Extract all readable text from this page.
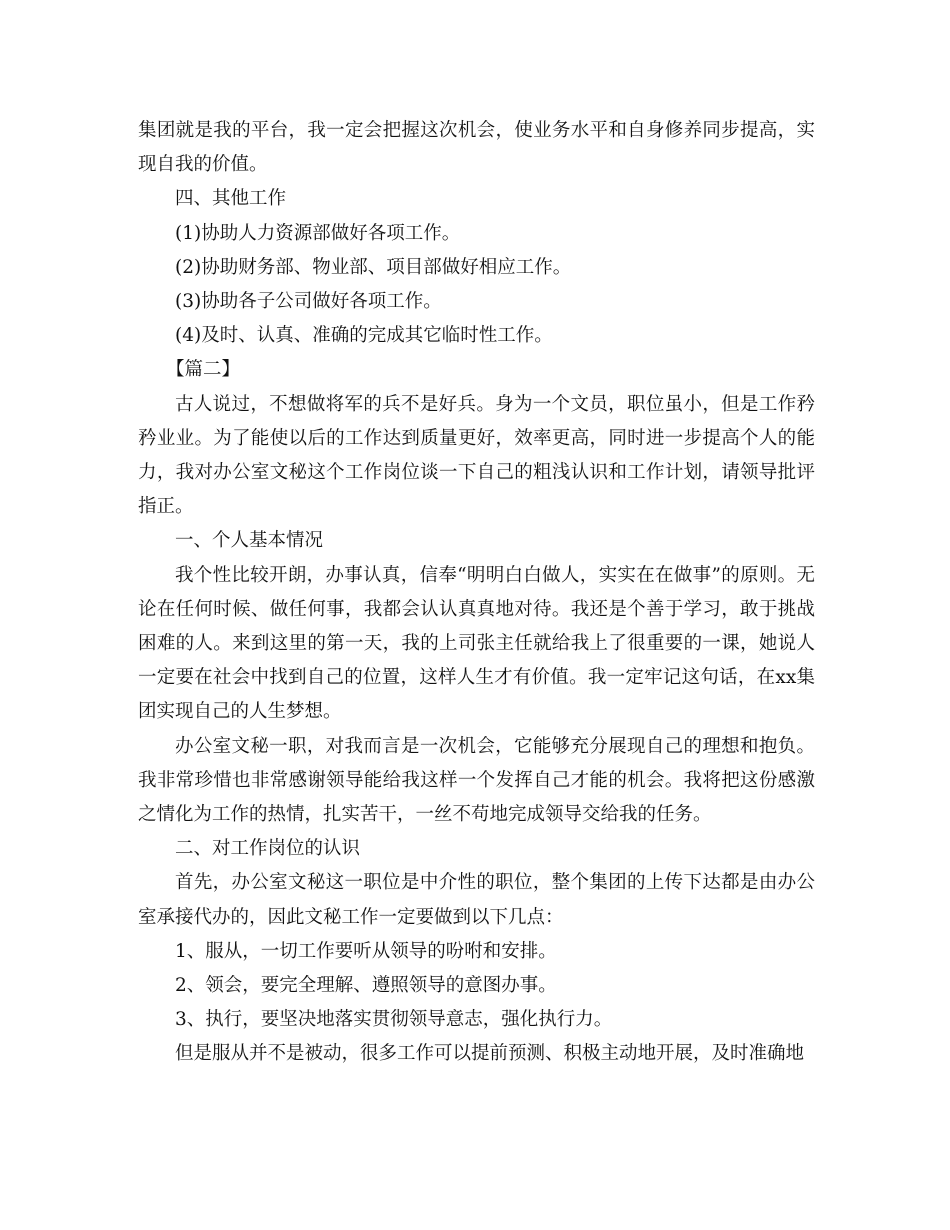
集团就是我的平台，我一定会把握这次机会，使业务水平和自身修养同步提高，实现自我的价值。

四、其他工作

(1)协助人力资源部做好各项工作。

(2)协助财务部、物业部、项目部做好相应工作。

(3)协助各子公司做好各项工作。

(4)及时、认真、准确的完成其它临时性工作。

【篇二】

古人说过，不想做将军的兵不是好兵。身为一个文员，职位虽小，但是工作矜矜业业。为了能使以后的工作达到质量更好，效率更高，同时进一步提高个人的能力，我对办公室文秘这个工作岗位谈一下自己的粗浅认识和工作计划，请领导批评指正。

一、个人基本情况

我个性比较开朗，办事认真，信奉“明明白白做人，实实在在做事”的原则。无论在任何时候、做任何事，我都会认认真真地对待。我还是个善于学习，敢于挑战困难的人。来到这里的第一天，我的上司张主任就给我上了很重要的一课，她说人一定要在社会中找到自己的位置，这样人生才有价值。我一定牢记这句话，在xx集团实现自己的人生梦想。

办公室文秘一职，对我而言是一次机会，它能够充分展现自己的理想和抱负。我非常珍惜也非常感谢领导能给我这样一个发挥自己才能的机会。我将把这份感激之情化为工作的热情，扎实苦干，一丝不苟地完成领导交给我的任务。

二、对工作岗位的认识

首先，办公室文秘这一职位是中介性的职位，整个集团的上传下达都是由办公室承接代办的，因此文秘工作一定要做到以下几点：

1、服从，一切工作要听从领导的吩咐和安排。

2、领会，要完全理解、遵照领导的意图办事。

3、执行，要坚决地落实贯彻领导意志，强化执行力。

但是服从并不是被动，很多工作可以提前预测、积极主动地开展，及时准确地
